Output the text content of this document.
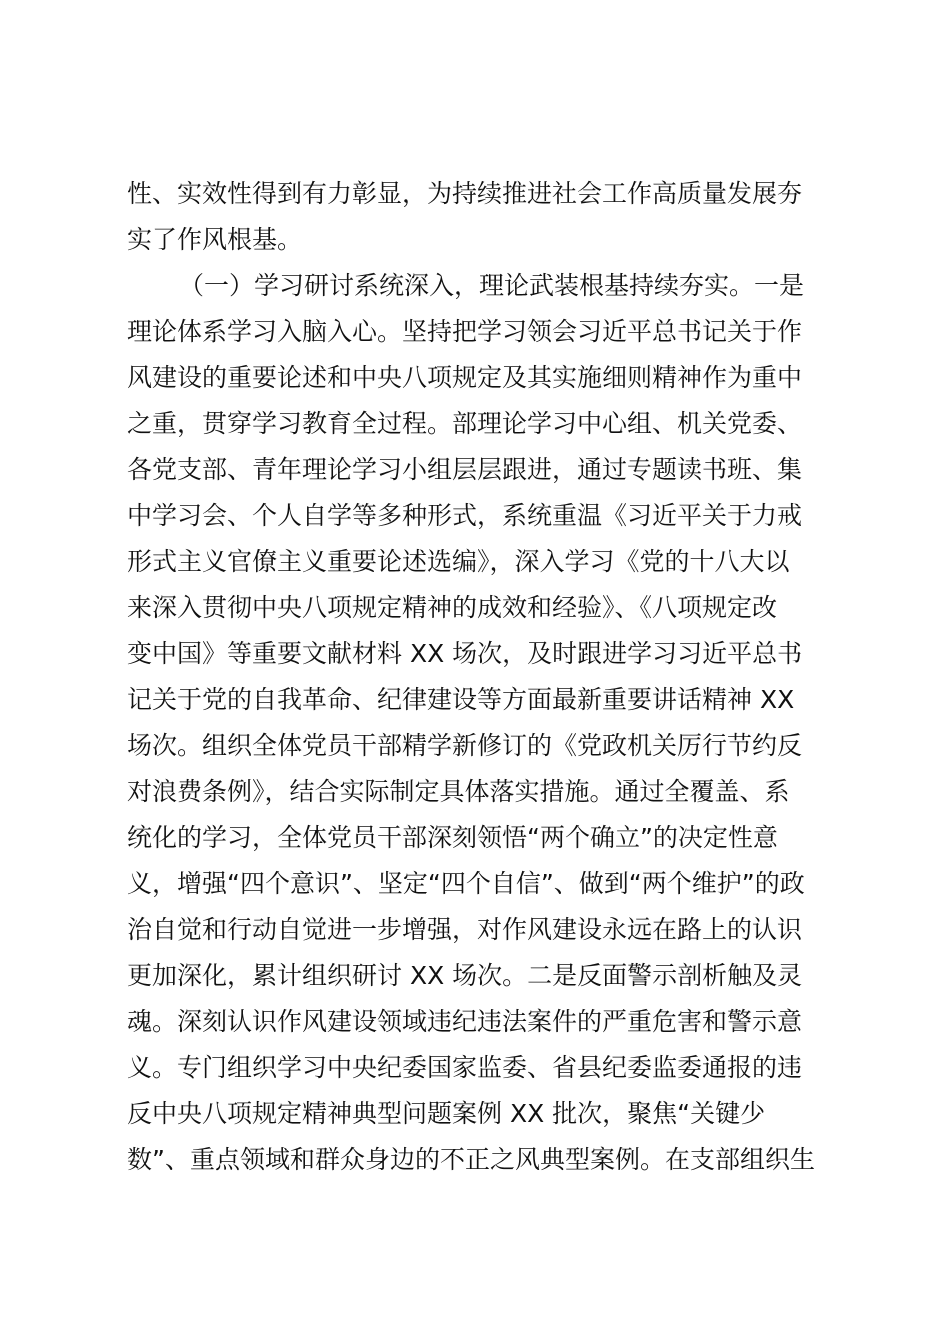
性、实效性得到有力彰显，为持续推进社会工作高质量发展夯
实了作风根基。
（一）学习研讨系统深入，理论武装根基持续夯实。一是
理论体系学习入脑入心。坚持把学习领会习近平总书记关于作
风建设的重要论述和中央八项规定及其实施细则精神作为重中
之重，贯穿学习教育全过程。部理论学习中心组、机关党委、
各党支部、青年理论学习小组层层跟进，通过专题读书班、集
中学习会、个人自学等多种形式，系统重温《习近平关于力戒
形式主义官僚主义重要论述选编》，深入学习《党的十八大以
来深入贯彻中央八项规定精神的成效和经验》、《八项规定改
变中国》等重要文献材料 XX 场次，及时跟进学习习近平总书
记关于党的自我革命、纪律建设等方面最新重要讲话精神 XX
场次。组织全体党员干部精学新修订的《党政机关厉行节约反
对浪费条例》，结合实际制定具体落实措施。通过全覆盖、系
统化的学习，全体党员干部深刻领悟“两个确立”的决定性意
义，增强“四个意识”、坚定“四个自信”、做到“两个维护”的政
治自觉和行动自觉进一步增强，对作风建设永远在路上的认识
更加深化，累计组织研讨 XX 场次。二是反面警示剖析触及灵
魂。深刻认识作风建设领域违纪违法案件的严重危害和警示意
义。专门组织学习中央纪委国家监委、省县纪委监委通报的违
反中央八项规定精神典型问题案例 XX 批次，聚焦“关键少
数”、重点领域和群众身边的不正之风典型案例。在支部组织生
